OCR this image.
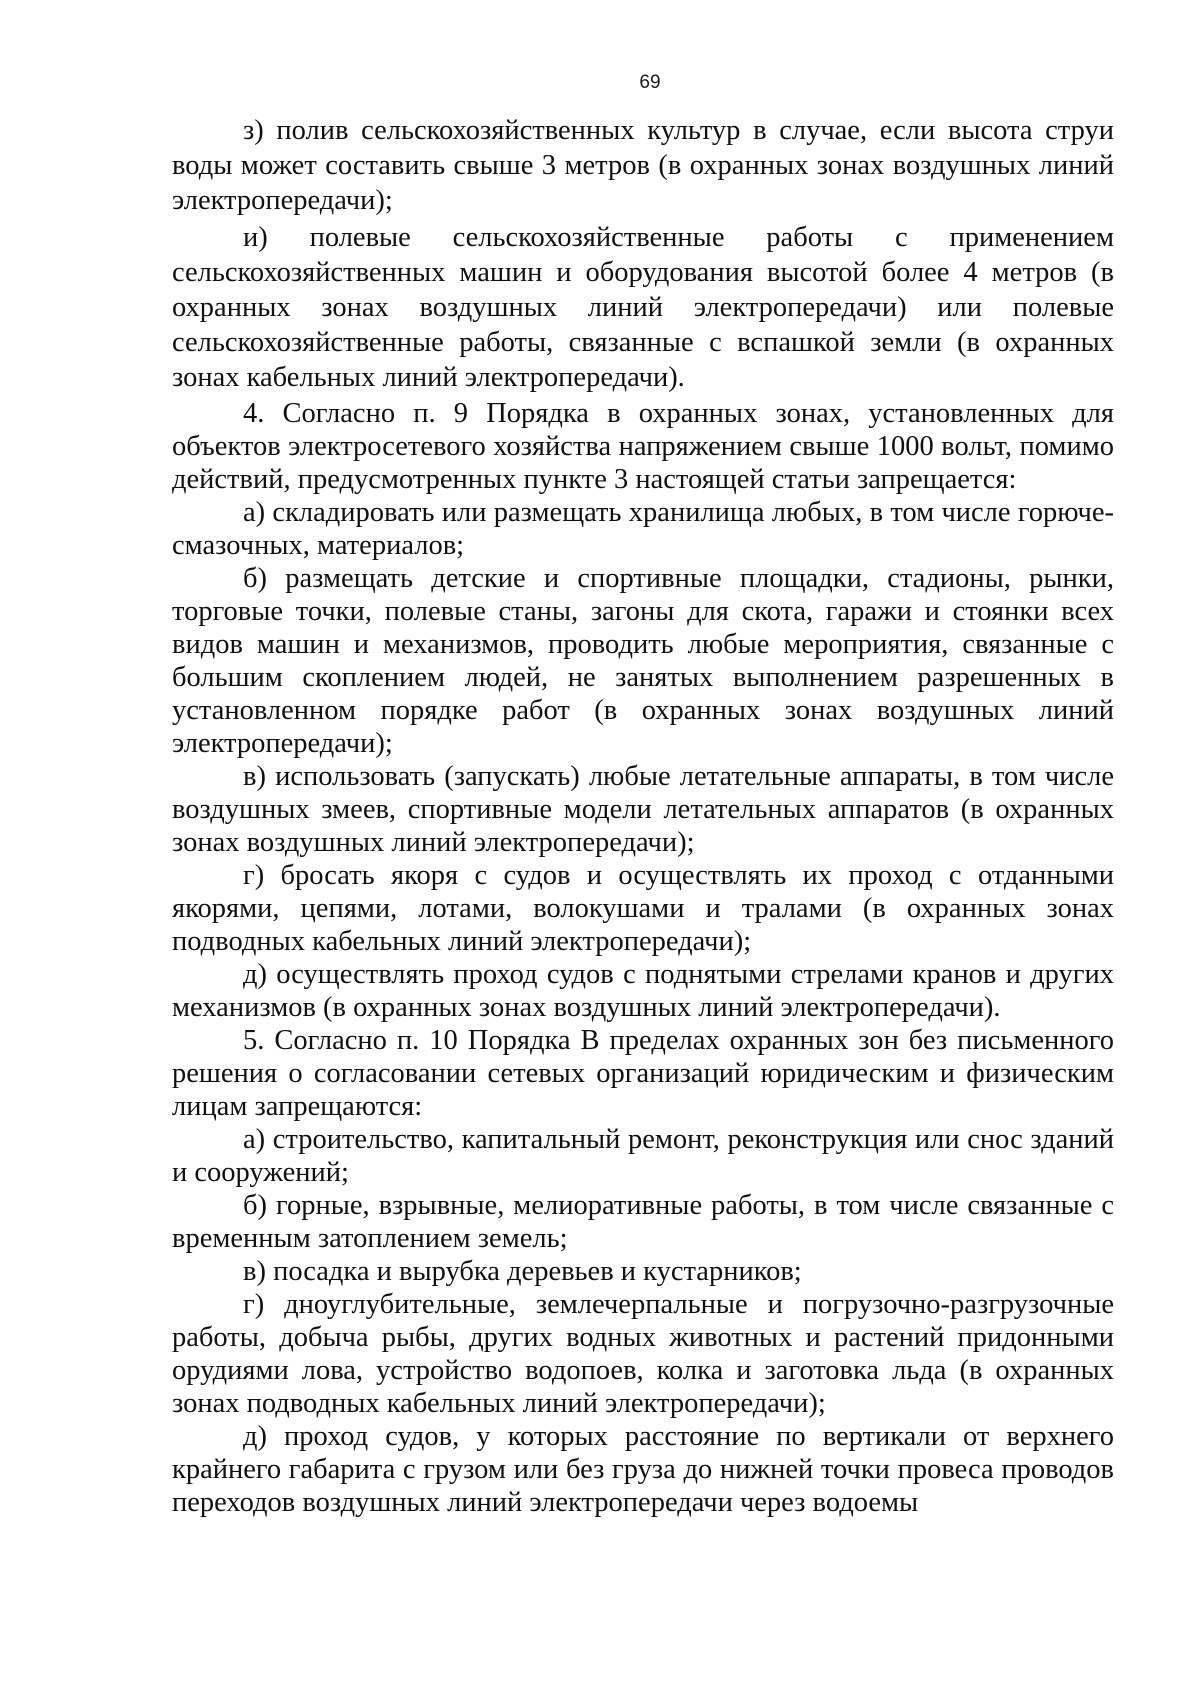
69

з) полив сельскохозяйственных культур в случае, если высота струи воды может составить свыше 3 метров (в охранных зонах воздушных линий электропередачи);

и) полевые сельскохозяйственные работы с применением сельскохозяйственных машин и оборудования высотой более 4 метров (в охранных зонах воздушных линий электропередачи) или полевые сельскохозяйственные работы, связанные с вспашкой земли (в охранных зонах кабельных линий электропередачи).

4. Согласно п. 9 Порядка в охранных зонах, установленных для объектов электросетевого хозяйства напряжением свыше 1000 вольт, помимо действий, предусмотренных пункте 3 настоящей статьи запрещается:

а) складировать или размещать хранилища любых, в том числе горюче-смазочных, материалов;

б) размещать детские и спортивные площадки, стадионы, рынки, торговые точки, полевые станы, загоны для скота, гаражи и стоянки всех видов машин и механизмов, проводить любые мероприятия, связанные с большим скоплением людей, не занятых выполнением разрешенных в установленном порядке работ (в охранных зонах воздушных линий электропередачи);

в) использовать (запускать) любые летательные аппараты, в том числе воздушных змеев, спортивные модели летательных аппаратов (в охранных зонах воздушных линий электропередачи);

г) бросать якоря с судов и осуществлять их проход с отданными якорями, цепями, лотами, волокушами и тралами (в охранных зонах подводных кабельных линий электропередачи);

д) осуществлять проход судов с поднятыми стрелами кранов и других механизмов (в охранных зонах воздушных линий электропередачи).

5. Согласно п. 10 Порядка В пределах охранных зон без письменного решения о согласовании сетевых организаций юридическим и физическим лицам запрещаются:

а) строительство, капитальный ремонт, реконструкция или снос зданий и сооружений;

б) горные, взрывные, мелиоративные работы, в том числе связанные с временным затоплением земель;

в) посадка и вырубка деревьев и кустарников;

г) дноуглубительные, землечерпальные и погрузочно-разгрузочные работы, добыча рыбы, других водных животных и растений придонными орудиями лова, устройство водопоев, колка и заготовка льда (в охранных зонах подводных кабельных линий электропередачи);

д) проход судов, у которых расстояние по вертикали от верхнего крайнего габарита с грузом или без груза до нижней точки провеса проводов переходов воздушных линий электропередачи через водоемы
